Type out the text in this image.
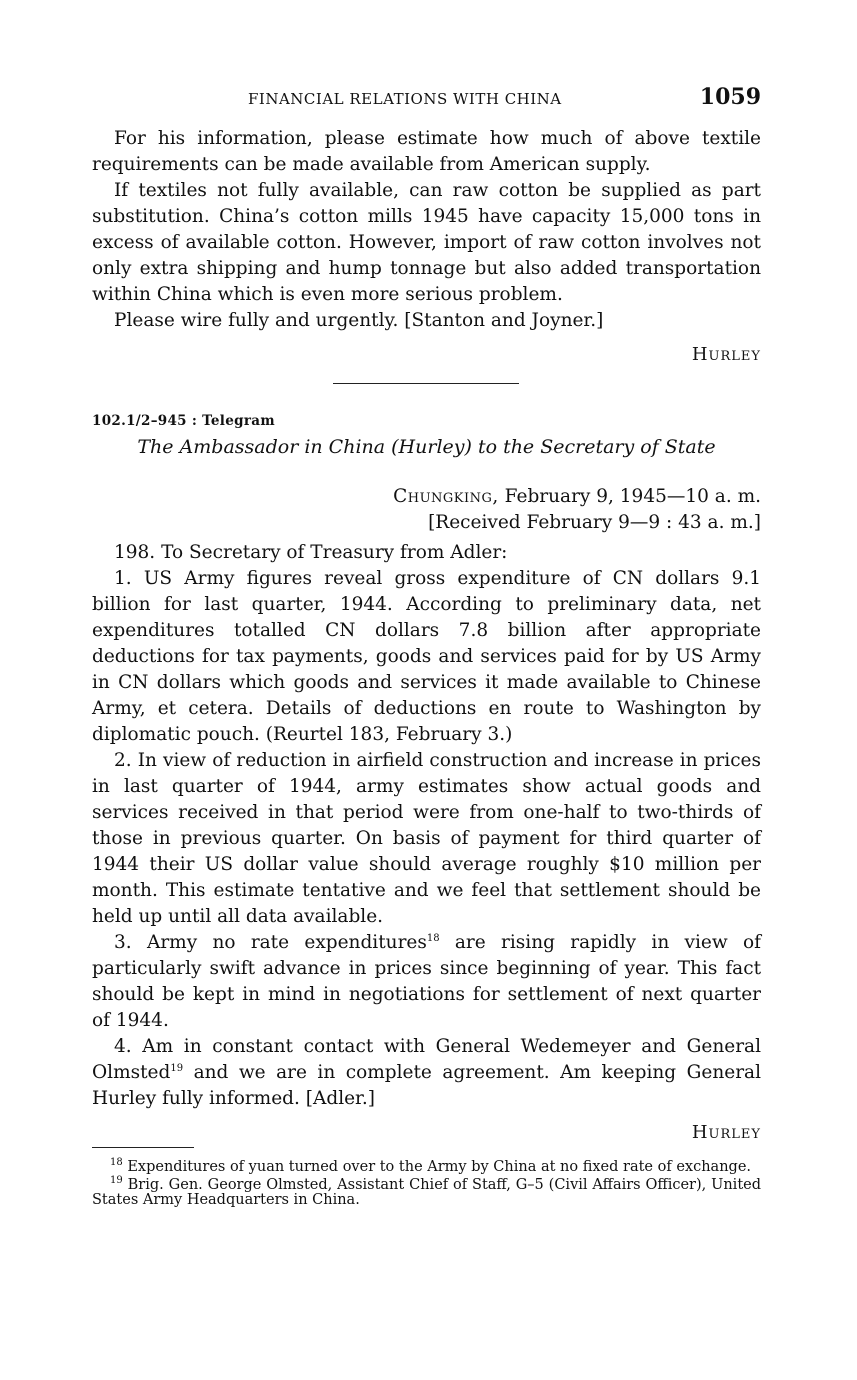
FINANCIAL RELATIONS WITH CHINA	1059

For his information, please estimate how much of above textile requirements can be made available from American supply.

If textiles not fully available, can raw cotton be supplied as part substitution. China’s cotton mills 1945 have capacity 15,000 tons in excess of available cotton. However, import of raw cotton involves not only extra shipping and hump tonnage but also added transportation within China which is even more serious problem.

Please wire fully and urgently. [Stanton and Joyner.]

Hurley

102.1/2–945 : Telegram
The Ambassador in China (Hurley) to the Secretary of State
Chungking, February 9, 1945—10 a. m.
[Received February 9—9 : 43 a. m.]

198. To Secretary of Treasury from Adler:

1. US Army figures reveal gross expenditure of CN dollars 9.1 billion for last quarter, 1944. According to preliminary data, net expenditures totalled CN dollars 7.8 billion after appropriate deductions for tax payments, goods and services paid for by US Army in CN dollars which goods and services it made available to Chinese Army, et cetera. Details of deductions en route to Washington by diplomatic pouch. (Reurtel 183, February 3.)

2. In view of reduction in airfield construction and increase in prices in last quarter of 1944, army estimates show actual goods and services received in that period were from one-half to two-thirds of those in previous quarter. On basis of payment for third quarter of 1944 their US dollar value should average roughly $10 million per month. This estimate tentative and we feel that settlement should be held up until all data available.

3. Army no rate expenditures$^{18}$ are rising rapidly in view of particularly swift advance in prices since beginning of year. This fact should be kept in mind in negotiations for settlement of next quarter of 1944.

4. Am in constant contact with General Wedemeyer and General Olmsted$^{19}$ and we are in complete agreement. Am keeping General Hurley fully informed. [Adler.]

Hurley

$^{18}$ Expenditures of yuan turned over to the Army by China at no fixed rate of exchange.

$^{19}$ Brig. Gen. George Olmsted, Assistant Chief of Staff, G–5 (Civil Affairs Officer), United States Army Headquarters in China.
